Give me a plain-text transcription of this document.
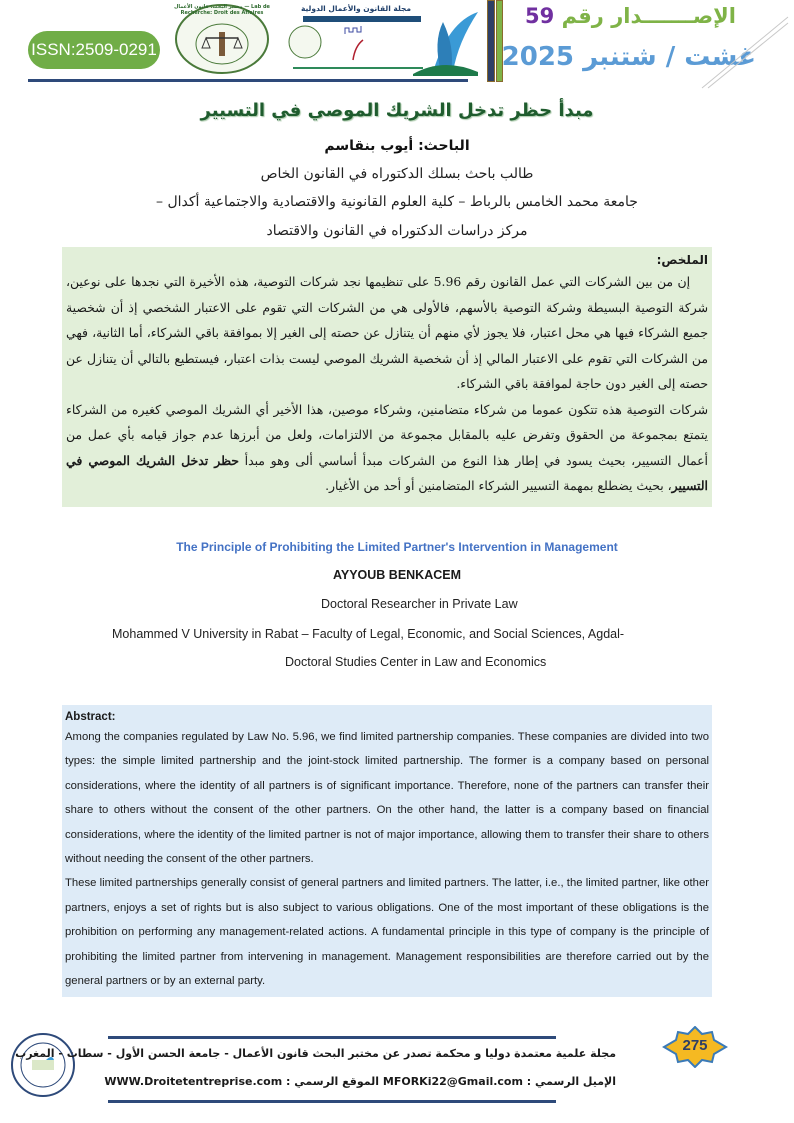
ISSN:2509-0291
مختبر البحث: قانون الأعمال — Lab de Recherche: Droit des Affaires	مجلة القانون والأعمال الدولية	الإصـــــــدار رقم 59
غشت / شتنبر 2025
مبدأ حظر تدخل الشريك الموصي في التسيير
الباحث: أيوب بنقاسم
طالب باحث بسلك الدكتوراه في القانون الخاص
جامعة محمد الخامس بالرباط – كلية العلوم القانونية والاقتصادية والاجتماعية أكدال –
مركز دراسات الدكتوراه في القانون والاقتصاد
الملخص:

إن من بين الشركات التي عمل القانون رقم 5.96 على تنظيمها نجد شركات التوصية، هذه الأخيرة التي نجدها على نوعين، شركة التوصية البسيطة وشركة التوصية بالأسهم، فالأولى هي من الشركات التي تقوم على الاعتبار الشخصي إذ أن شخصية جميع الشركاء فيها هي محل اعتبار، فلا يجوز لأي منهم أن يتنازل عن حصته إلى الغير إلا بموافقة باقي الشركاء، أما الثانية، فهي من الشركات التي تقوم على الاعتبار المالي إذ أن شخصية الشريك الموصي ليست بذات اعتبار، فيستطيع بالتالي أن يتنازل عن حصته إلى الغير دون حاجة لموافقة باقي الشركاء.

شركات التوصية هذه تتكون عموما من شركاء متضامنين، وشركاء موصين، هذا الأخير أي الشريك الموصي كغيره من الشركاء يتمتع بمجموعة من الحقوق وتفرض عليه بالمقابل مجموعة من الالتزامات، ولعل من أبرزها عدم جواز قيامه بأي عمل من أعمال التسيير، بحيث يسود في إطار هذا النوع من الشركات مبدأ أساسي ألى وهو مبدأ حظر تدخل الشريك الموصي في التسيير، بحيث يضطلع بمهمة التسيير الشركاء المتضامنين أو أحد من الأغيار.

The Principle of Prohibiting the Limited Partner's Intervention in Management
AYYOUB BENKACEM
Doctoral Researcher in Private Law
Mohammed V University in Rabat – Faculty of Legal, Economic, and Social Sciences, Agdal-
Doctoral Studies Center in Law and Economics
Abstract:

Among the companies regulated by Law No. 5.96, we find limited partnership companies. These companies are divided into two types: the simple limited partnership and the joint-stock limited partnership. The former is a company based on personal considerations, where the identity of all partners is of significant importance. Therefore, none of the partners can transfer their share to others without the consent of the other partners. On the other hand, the latter is a company based on financial considerations, where the identity of the limited partner is not of major importance, allowing them to transfer their share to others without needing the consent of the other partners.

These limited partnerships generally consist of general partners and limited partners. The latter, i.e., the limited partner, like other partners, enjoys a set of rights but is also subject to various obligations. One of the most important of these obligations is the prohibition on performing any management-related actions. A fundamental principle in this type of company is the principle of prohibiting the limited partner from intervening in management. Management responsibilities are therefore carried out by the general partners or by an external party.

مجلة علمية معتمدة دوليا و محكمة تصدر عن مختبر البحث قانون الأعمال - جامعة الحسن الأول - سطات - المغرب
الإميل الرسمي : MFORKi22@Gmail.com الموقع الرسمي : WWW.Droitetentreprise.com
275
